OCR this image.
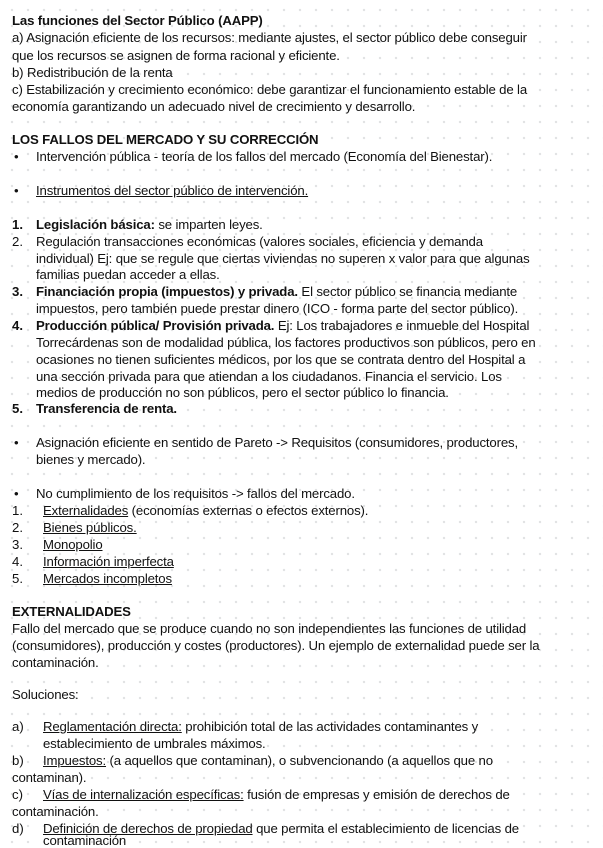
Las funciones del Sector Público (AAPP)
a) Asignación eficiente de los recursos: mediante ajustes, el sector público debe conseguir
que los recursos se asignen de forma racional y eficiente.
b) Redistribución de la renta
c) Estabilización y crecimiento económico: debe garantizar el funcionamiento estable de la
economía garantizando un adecuado nivel de crecimiento y desarrollo.
LOS FALLOS DEL MERCADO Y SU CORRECCIÓN
• Intervención pública - teoría de los fallos del mercado (Economía del Bienestar).
• Instrumentos del sector público de intervención.
1. Legislación básica: se imparten leyes.
2. Regulación transacciones económicas (valores sociales, eficiencia y demanda
individual) Ej: que se regule que ciertas viviendas no superen x valor para que algunas
familias puedan acceder a ellas.
3. Financiación propia (impuestos) y privada. El sector público se financia mediante
impuestos, pero también puede prestar dinero (ICO - forma parte del sector público).
4. Producción pública/ Provisión privada. Ej: Los trabajadores e inmueble del Hospital
Torrecárdenas son de modalidad pública, los factores productivos son públicos, pero en
ocasiones no tienen suficientes médicos, por los que se contrata dentro del Hospital a
una sección privada para que atiendan a los ciudadanos. Financia el servicio. Los
medios de producción no son públicos, pero el sector público lo financia.
5. Transferencia de renta.
• Asignación eficiente en sentido de Pareto -> Requisitos (consumidores, productores,
bienes y mercado).
• No cumplimiento de los requisitos -> fallos del mercado.
1. Externalidades (economías externas o efectos externos).
2. Bienes públicos.
3. Monopolio
4. Información imperfecta
5. Mercados incompletos
EXTERNALIDADES
Fallo del mercado que se produce cuando no son independientes las funciones de utilidad
(consumidores), producción y costes (productores). Un ejemplo de externalidad puede ser la
contaminación.
Soluciones:
a) Reglamentación directa: prohibición total de las actividades contaminantes y
establecimiento de umbrales máximos.
b) Impuestos: (a aquellos que contaminan), o subvencionando (a aquellos que no
contaminan).
c) Vías de internalización específicas: fusión de empresas y emisión de derechos de
contaminación.
d) Definición de derechos de propiedad que permita el establecimiento de licencias de
contaminación
